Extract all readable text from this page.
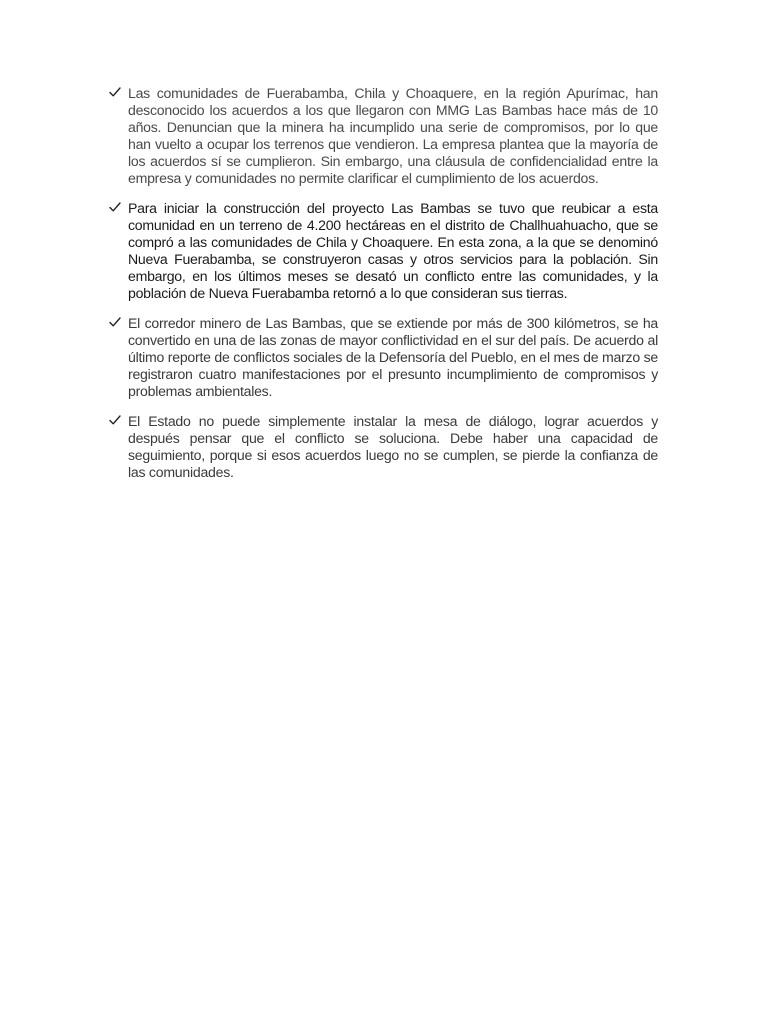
Las comunidades de Fuerabamba, Chila y Choaquere, en la región Apurímac, han desconocido los acuerdos a los que llegaron con MMG Las Bambas hace más de 10 años. Denuncian que la minera ha incumplido una serie de compromisos, por lo que han vuelto a ocupar los terrenos que vendieron. La empresa plantea que la mayoría de los acuerdos sí se cumplieron. Sin embargo, una cláusula de confidencialidad entre la empresa y comunidades no permite clarificar el cumplimiento de los acuerdos.
Para iniciar la construcción del proyecto Las Bambas se tuvo que reubicar a esta comunidad en un terreno de 4.200 hectáreas en el distrito de Challhuahuacho, que se compró a las comunidades de Chila y Choaquere. En esta zona, a la que se denominó Nueva Fuerabamba, se construyeron casas y otros servicios para la población. Sin embargo, en los últimos meses se desató un conflicto entre las comunidades, y la población de Nueva Fuerabamba retornó a lo que consideran sus tierras.
El corredor minero de Las Bambas, que se extiende por más de 300 kilómetros, se ha convertido en una de las zonas de mayor conflictividad en el sur del país. De acuerdo al último reporte de conflictos sociales de la Defensoría del Pueblo, en el mes de marzo se registraron cuatro manifestaciones por el presunto incumplimiento de compromisos y problemas ambientales.
El Estado no puede simplemente instalar la mesa de diálogo, lograr acuerdos y después pensar que el conflicto se soluciona. Debe haber una capacidad de seguimiento, porque si esos acuerdos luego no se cumplen, se pierde la confianza de las comunidades.
